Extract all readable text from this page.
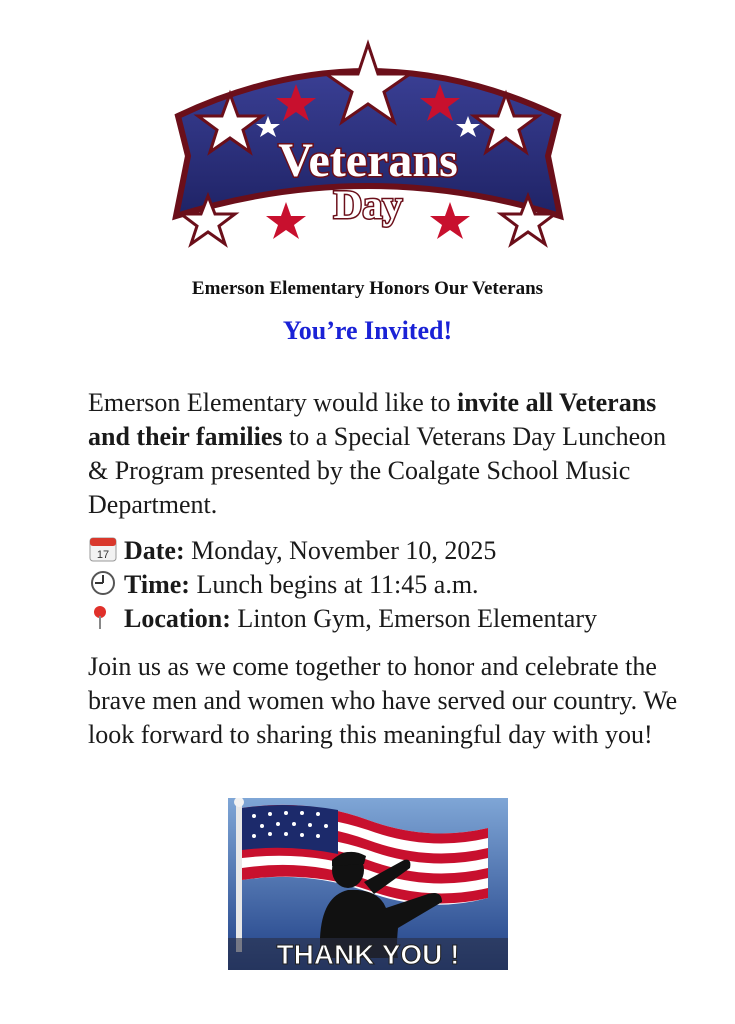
Veterans
Day
Emerson Elementary Honors Our Veterans
You’re Invited!
Emerson Elementary would like to invite all Veterans and their families to a Special Veterans Day Luncheon & Program presented by the Coalgate School Music Department.
17 Date: Monday, November 10, 2025
Time: Lunch begins at 11:45 a.m.
Location: Linton Gym, Emerson Elementary
Join us as we come together to honor and celebrate the brave men and women who have served our country. We look forward to sharing this meaningful day with you!
THANK YOU !
